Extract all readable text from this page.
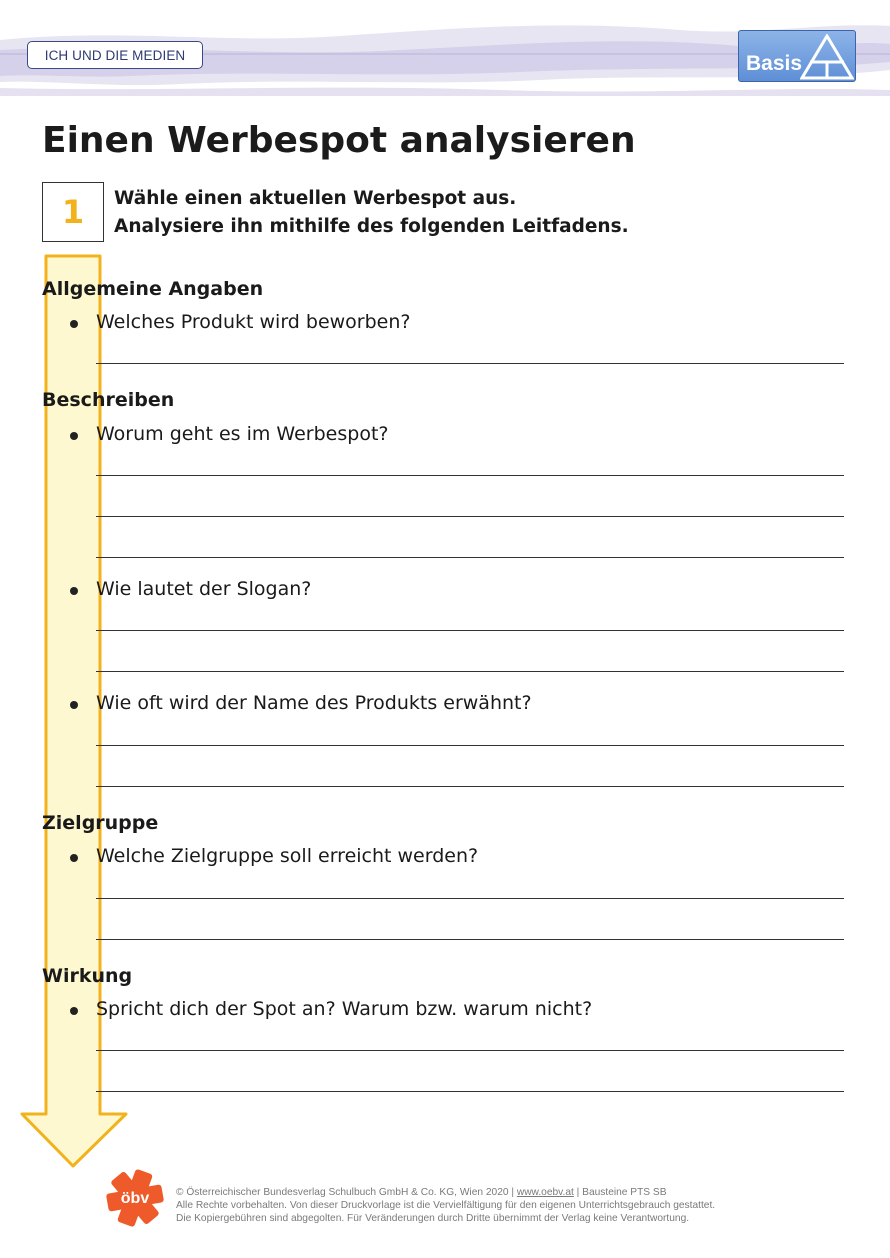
ICH UND DIE MEDIEN	Basis
Einen Werbespot analysieren
1	Wähle einen aktuellen Werbespot aus.
Analysiere ihn mithilfe des folgenden Leitfadens.
Allgemeine Angaben
Welches Produkt wird beworben?
Beschreiben
Worum geht es im Werbespot?
Wie lautet der Slogan?
Wie oft wird der Name des Produkts erwähnt?
Zielgruppe
Welche Zielgruppe soll erreicht werden?
Wirkung
Spricht dich der Spot an? Warum bzw. warum nicht?
öbv	© Österreichischer Bundesverlag Schulbuch GmbH & Co. KG, Wien 2020 | www.oebv.at | Bausteine PTS SB
Alle Rechte vorbehalten. Von dieser Druckvorlage ist die Vervielfältigung für den eigenen Unterrichtsgebrauch gestattet.
Die Kopiergebühren sind abgegolten. Für Veränderungen durch Dritte übernimmt der Verlag keine Verantwortung.
